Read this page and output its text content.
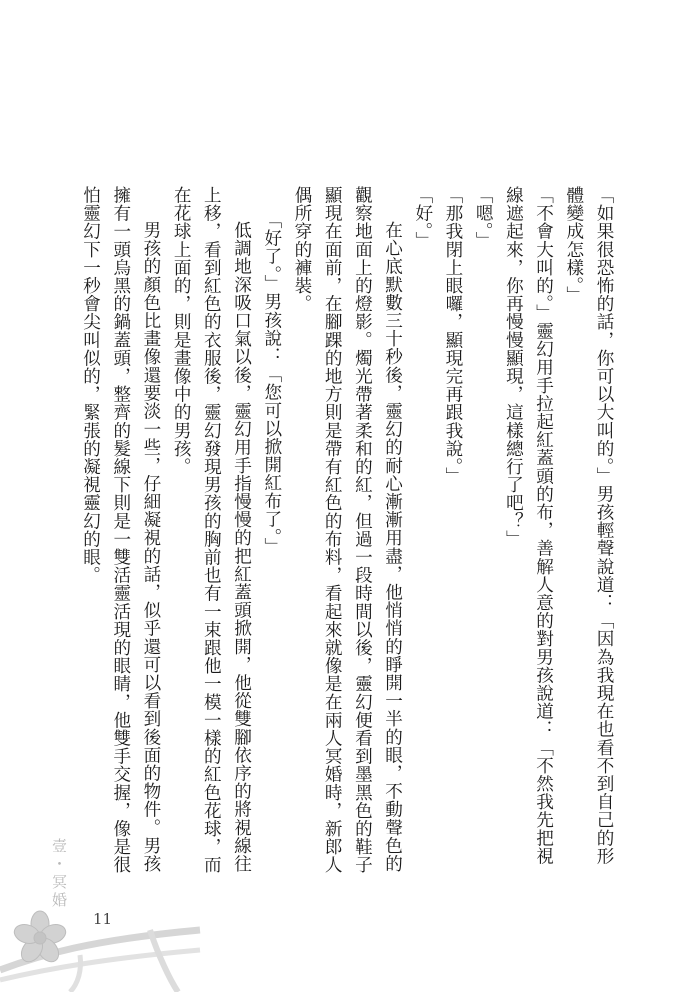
「如果很恐怖的話，你可以大叫的。」男孩輕聲說道：「因為我現在也看不到自己的形體變成怎樣。」

「不會大叫的。」靈幻用手拉起紅蓋頭的布，善解人意的對男孩說道：「不然我先把視線遮起來，你再慢慢顯現，這樣總行了吧？」

「嗯。」

「那我閉上眼囉，顯現完再跟我說。」

「好。」

在心底默數三十秒後，靈幻的耐心漸漸用盡，他悄悄的睜開一半的眼，不動聲色的觀察地面上的燈影。燭光帶著柔和的紅，但過一段時間以後，靈幻便看到墨黑色的鞋子顯現在面前，在腳踝的地方則是帶有紅色的布料，看起來就像是在兩人冥婚時，新郎人偶所穿的褲裝。

「好了。」男孩說：「您可以掀開紅布了。」

低調地深吸口氣以後，靈幻用手指慢慢的把紅蓋頭掀開，他從雙腳依序的將視線往上移，看到紅色的衣服後，靈幻發現男孩的胸前也有一束跟他一模一樣的紅色花球，而在花球上面的，則是畫像中的男孩。

男孩的顏色比畫像還要淡一些，仔細凝視的話，似乎還可以看到後面的物件。男孩擁有一頭烏黑的鍋蓋頭，整齊的髮線下則是一雙活靈活現的眼睛，他雙手交握，像是很怕靈幻下一秒會尖叫似的，緊張的凝視靈幻的眼。

壹・冥婚
11
